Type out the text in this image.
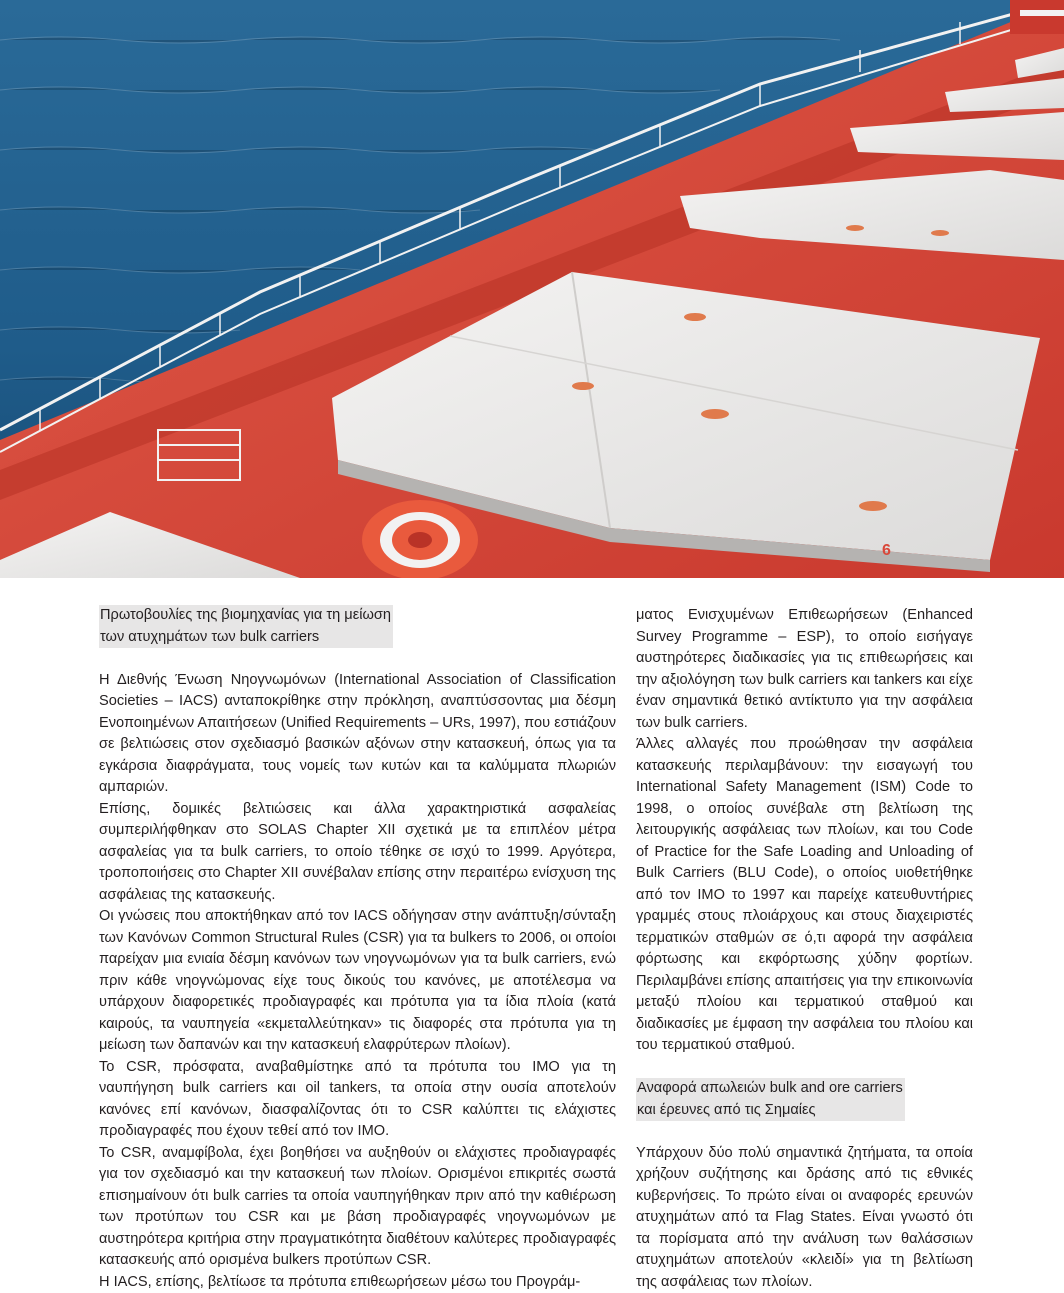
6
Πρωτοβουλίες της βιομηχανίας για τη μείωση
των ατυχημάτων των bulk carriers

Η Διεθνής Ένωση Νηογνωμόνων (International Association of Classification Societies – IACS) ανταποκρίθηκε στην πρόκληση, αναπτύσσοντας μια δέσμη Ενοποιημένων Απαιτήσεων (Unified Requirements – URs, 1997), που εστιάζουν σε βελτιώσεις στον σχεδιασμό βασικών αξόνων στην κατασκευή, όπως για τα εγκάρσια διαφράγματα, τους νομείς των κυτών και τα καλύμματα πλωριών αμπαριών.

Επίσης, δομικές βελτιώσεις και άλλα χαρακτηριστικά ασφαλείας συμπεριλήφθηκαν στο SOLAS Chapter XII σχετικά με τα επιπλέον μέτρα ασφαλείας για τα bulk carriers, το οποίο τέθηκε σε ισχύ το 1999. Αργότερα, τροποποιήσεις στο Chapter XII συνέβαλαν επίσης στην περαιτέρω ενίσχυση της ασφάλειας της κατασκευής.

Οι γνώσεις που αποκτήθηκαν από τον IACS οδήγησαν στην ανάπτυξη/σύνταξη των Κανόνων Common Structural Rules (CSR) για τα bulkers το 2006, οι οποίοι παρείχαν μια ενιαία δέσμη κανόνων των νηογνωμόνων για τα bulk carriers, ενώ πριν κάθε νηογνώμονας είχε τους δικούς του κανόνες, με αποτέλεσμα να υπάρχουν διαφορετικές προδιαγραφές και πρότυπα για τα ίδια πλοία (κατά καιρούς, τα ναυπηγεία «εκμεταλλεύτηκαν» τις διαφορές στα πρότυπα για τη μείωση των δαπανών και την κατασκευή ελαφρύτερων πλοίων).

Το CSR, πρόσφατα, αναβαθμίστηκε από τα πρότυπα του IMO για τη ναυπήγηση bulk carriers και oil tankers, τα οποία στην ουσία αποτελούν κανόνες επί κανόνων, διασφαλίζοντας ότι το CSR καλύπτει τις ελάχιστες προδιαγραφές που έχουν τεθεί από τον IMO.

Το CSR, αναμφίβολα, έχει βοηθήσει να αυξηθούν οι ελάχιστες προδιαγραφές για τον σχεδιασμό και την κατασκευή των πλοίων. Ορισμένοι επικριτές σωστά επισημαίνουν ότι bulk carries τα οποία ναυπηγήθηκαν πριν από την καθιέρωση των προτύπων του CSR και με βάση προδιαγραφές νηογνωμόνων με αυστηρότερα κριτήρια στην πραγματικότητα διαθέτουν καλύτερες προδιαγραφές κατασκευής από ορισμένα bulkers προτύπων CSR.

Η IACS, επίσης, βελτίωσε τα πρότυπα επιθεωρήσεων μέσω του Προγράμ-

ματος Ενισχυμένων Επιθεωρήσεων (Enhanced Survey Programme – ESP), το οποίο εισήγαγε αυστηρότερες διαδικασίες για τις επιθεωρήσεις και την αξιολόγηση των bulk carriers και tankers και είχε έναν σημαντικά θετικό αντίκτυπο για την ασφάλεια των bulk carriers.

Άλλες αλλαγές που προώθησαν την ασφάλεια κατασκευής περιλαμβάνουν: την εισαγωγή του International Safety Management (ISM) Code το 1998, ο οποίος συνέβαλε στη βελτίωση της λειτουργικής ασφάλειας των πλοίων, και του Code of Practice for the Safe Loading and Unloading of Bulk Carriers (BLU Code), ο οποίος υιοθετήθηκε από τον IMO το 1997 και παρείχε κατευθυντήριες γραμμές στους πλοιάρχους και στους διαχειριστές τερματικών σταθμών σε ό,τι αφορά την ασφάλεια φόρτωσης και εκφόρτωσης χύδην φορτίων. Περιλαμβάνει επίσης απαιτήσεις για την επικοινωνία μεταξύ πλοίου και τερματικού σταθμού και διαδικασίες με έμφαση την ασφάλεια του πλοίου και του τερματικού σταθμού.

Αναφορά απωλειών bulk and ore carriers
και έρευνες από τις Σημαίες

Υπάρχουν δύο πολύ σημαντικά ζητήματα, τα οποία χρήζουν συζήτησης και δράσης από τις εθνικές κυβερνήσεις. Το πρώτο είναι οι αναφορές ερευνών ατυχημάτων από τα Flag States. Είναι γνωστό ότι τα πορίσματα από την ανάλυση των θαλάσσιων ατυχημάτων αποτελούν «κλειδί» για τη βελτίωση της ασφάλειας των πλοίων.
